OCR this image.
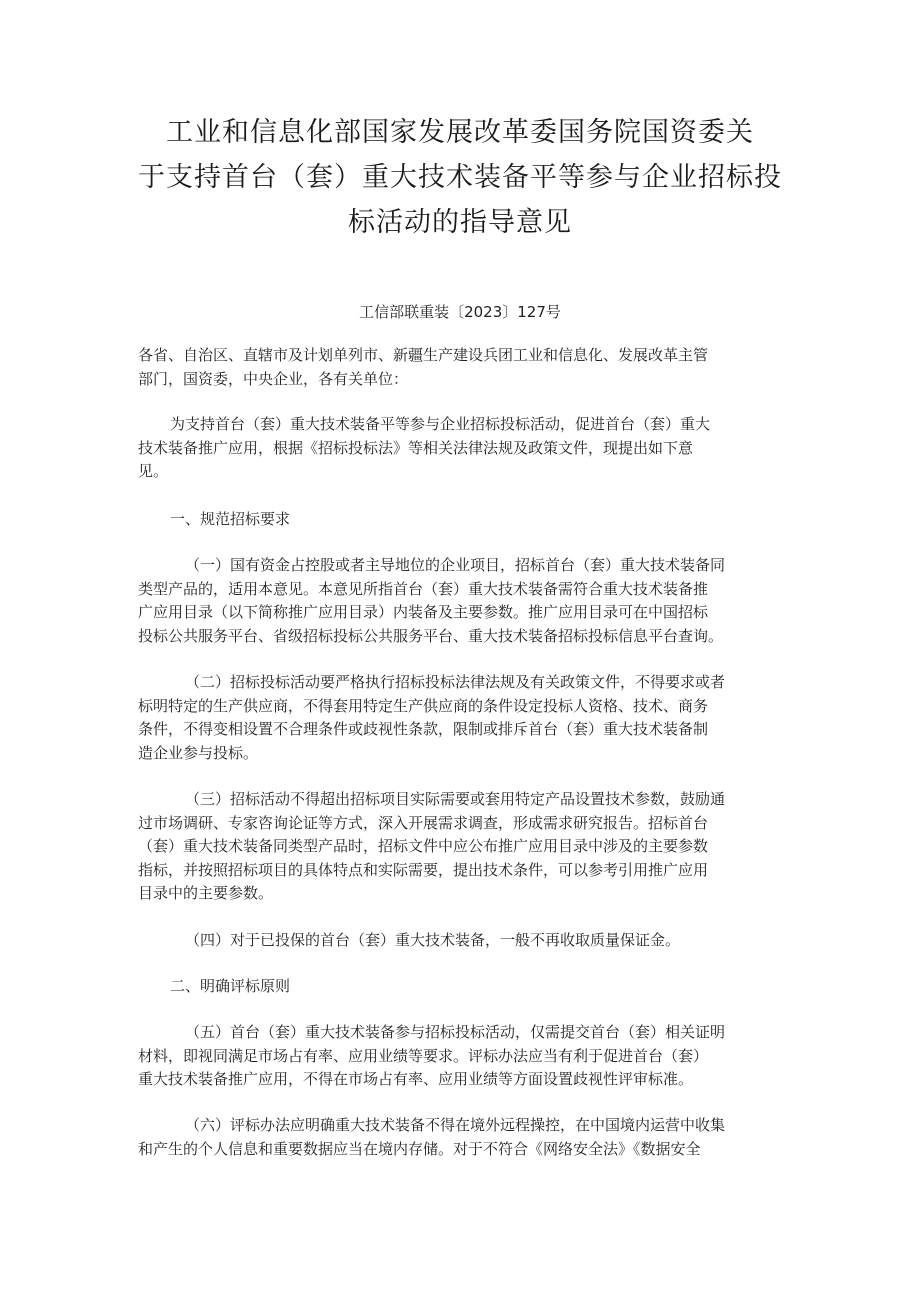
工业和信息化部国家发展改革委国务院国资委关
于支持首台（套）重大技术装备平等参与企业招标投
标活动的指导意见
工信部联重装〔2023〕127号
各省、自治区、直辖市及计划单列市、新疆生产建设兵团工业和信息化、发展改革主管
部门，国资委，中央企业，各有关单位：
为支持首台（套）重大技术装备平等参与企业招标投标活动，促进首台（套）重大
技术装备推广应用，根据《招标投标法》等相关法律法规及政策文件，现提出如下意
见。
一、规范招标要求
（一）国有资金占控股或者主导地位的企业项目，招标首台（套）重大技术装备同
类型产品的，适用本意见。本意见所指首台（套）重大技术装备需符合重大技术装备推
广应用目录（以下简称推广应用目录）内装备及主要参数。推广应用目录可在中国招标
投标公共服务平台、省级招标投标公共服务平台、重大技术装备招标投标信息平台查询。
（二）招标投标活动要严格执行招标投标法律法规及有关政策文件，不得要求或者
标明特定的生产供应商，不得套用特定生产供应商的条件设定投标人资格、技术、商务
条件，不得变相设置不合理条件或歧视性条款，限制或排斥首台（套）重大技术装备制
造企业参与投标。
（三）招标活动不得超出招标项目实际需要或套用特定产品设置技术参数，鼓励通
过市场调研、专家咨询论证等方式，深入开展需求调查，形成需求研究报告。招标首台
（套）重大技术装备同类型产品时，招标文件中应公布推广应用目录中涉及的主要参数
指标，并按照招标项目的具体特点和实际需要，提出技术条件，可以参考引用推广应用
目录中的主要参数。
（四）对于已投保的首台（套）重大技术装备，一般不再收取质量保证金。
二、明确评标原则
（五）首台（套）重大技术装备参与招标投标活动，仅需提交首台（套）相关证明
材料，即视同满足市场占有率、应用业绩等要求。评标办法应当有利于促进首台（套）
重大技术装备推广应用，不得在市场占有率、应用业绩等方面设置歧视性评审标准。
（六）评标办法应明确重大技术装备不得在境外远程操控，在中国境内运营中收集
和产生的个人信息和重要数据应当在境内存储。对于不符合《网络安全法》《数据安全
